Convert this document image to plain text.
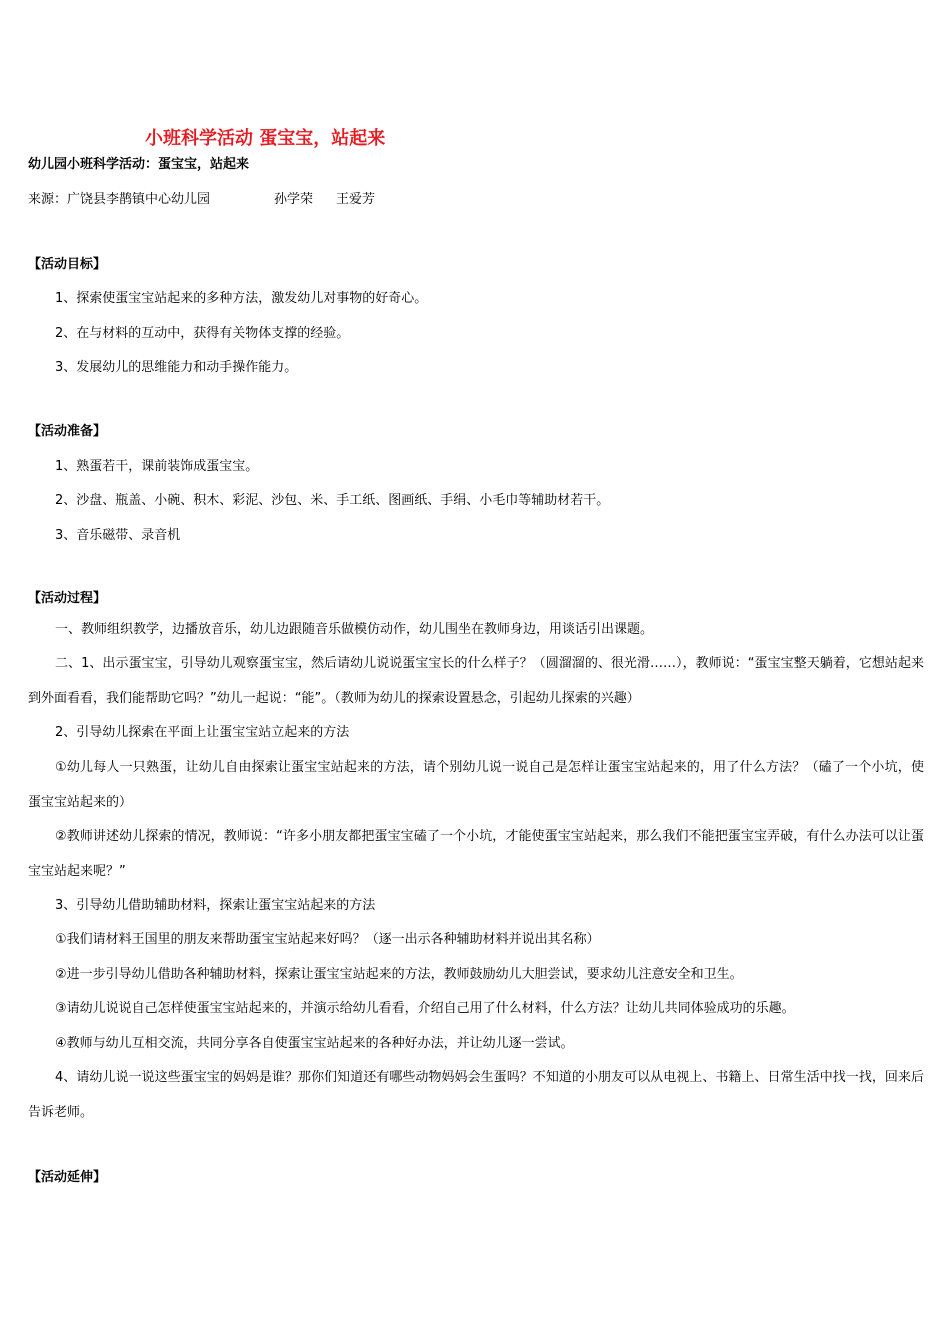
小班科学活动 蛋宝宝，站起来
幼儿园小班科学活动：蛋宝宝，站起来
来源：广饶县李鹊镇中心幼儿园	孙学荣 王爱芳
【活动目标】
1、探索使蛋宝宝站起来的多种方法，激发幼儿对事物的好奇心。
2、在与材料的互动中，获得有关物体支撑的经验。
3、发展幼儿的思维能力和动手操作能力。
【活动准备】
1、熟蛋若干，课前装饰成蛋宝宝。
2、沙盘、瓶盖、小碗、积木、彩泥、沙包、米、手工纸、图画纸、手绢、小毛巾等辅助材若干。
3、音乐磁带、录音机
【活动过程】
一、教师组织教学，边播放音乐，幼儿边跟随音乐做模仿动作，幼儿围坐在教师身边，用谈话引出课题。
二、1、出示蛋宝宝，引导幼儿观察蛋宝宝，然后请幼儿说说蛋宝宝长的什么样子？（圆溜溜的、很光滑……），教师说：“蛋宝宝整天躺着，它想站起来到外面看看，我们能帮助它吗？”幼儿一起说：“能”。（教师为幼儿的探索设置悬念，引起幼儿探索的兴趣）
2、引导幼儿探索在平面上让蛋宝宝站立起来的方法
①幼儿每人一只熟蛋，让幼儿自由探索让蛋宝宝站起来的方法，请个别幼儿说一说自己是怎样让蛋宝宝站起来的，用了什么方法？（磕了一个小坑，使蛋宝宝站起来的）
②教师讲述幼儿探索的情况，教师说：“许多小朋友都把蛋宝宝磕了一个小坑，才能使蛋宝宝站起来，那么我们不能把蛋宝宝弄破，有什么办法可以让蛋宝宝站起来呢？”
3、引导幼儿借助辅助材料，探索让蛋宝宝站起来的方法
①我们请材料王国里的朋友来帮助蛋宝宝站起来好吗？（逐一出示各种辅助材料并说出其名称）
②进一步引导幼儿借助各种辅助材料，探索让蛋宝宝站起来的方法，教师鼓励幼儿大胆尝试，要求幼儿注意安全和卫生。
③请幼儿说说自己怎样使蛋宝宝站起来的，并演示给幼儿看看，介绍自己用了什么材料，什么方法？让幼儿共同体验成功的乐趣。
④教师与幼儿互相交流，共同分享各自使蛋宝宝站起来的各种好办法，并让幼儿逐一尝试。
4、请幼儿说一说这些蛋宝宝的妈妈是谁？那你们知道还有哪些动物妈妈会生蛋吗？不知道的小朋友可以从电视上、书籍上、日常生活中找一找，回来后告诉老师。
【活动延伸】
